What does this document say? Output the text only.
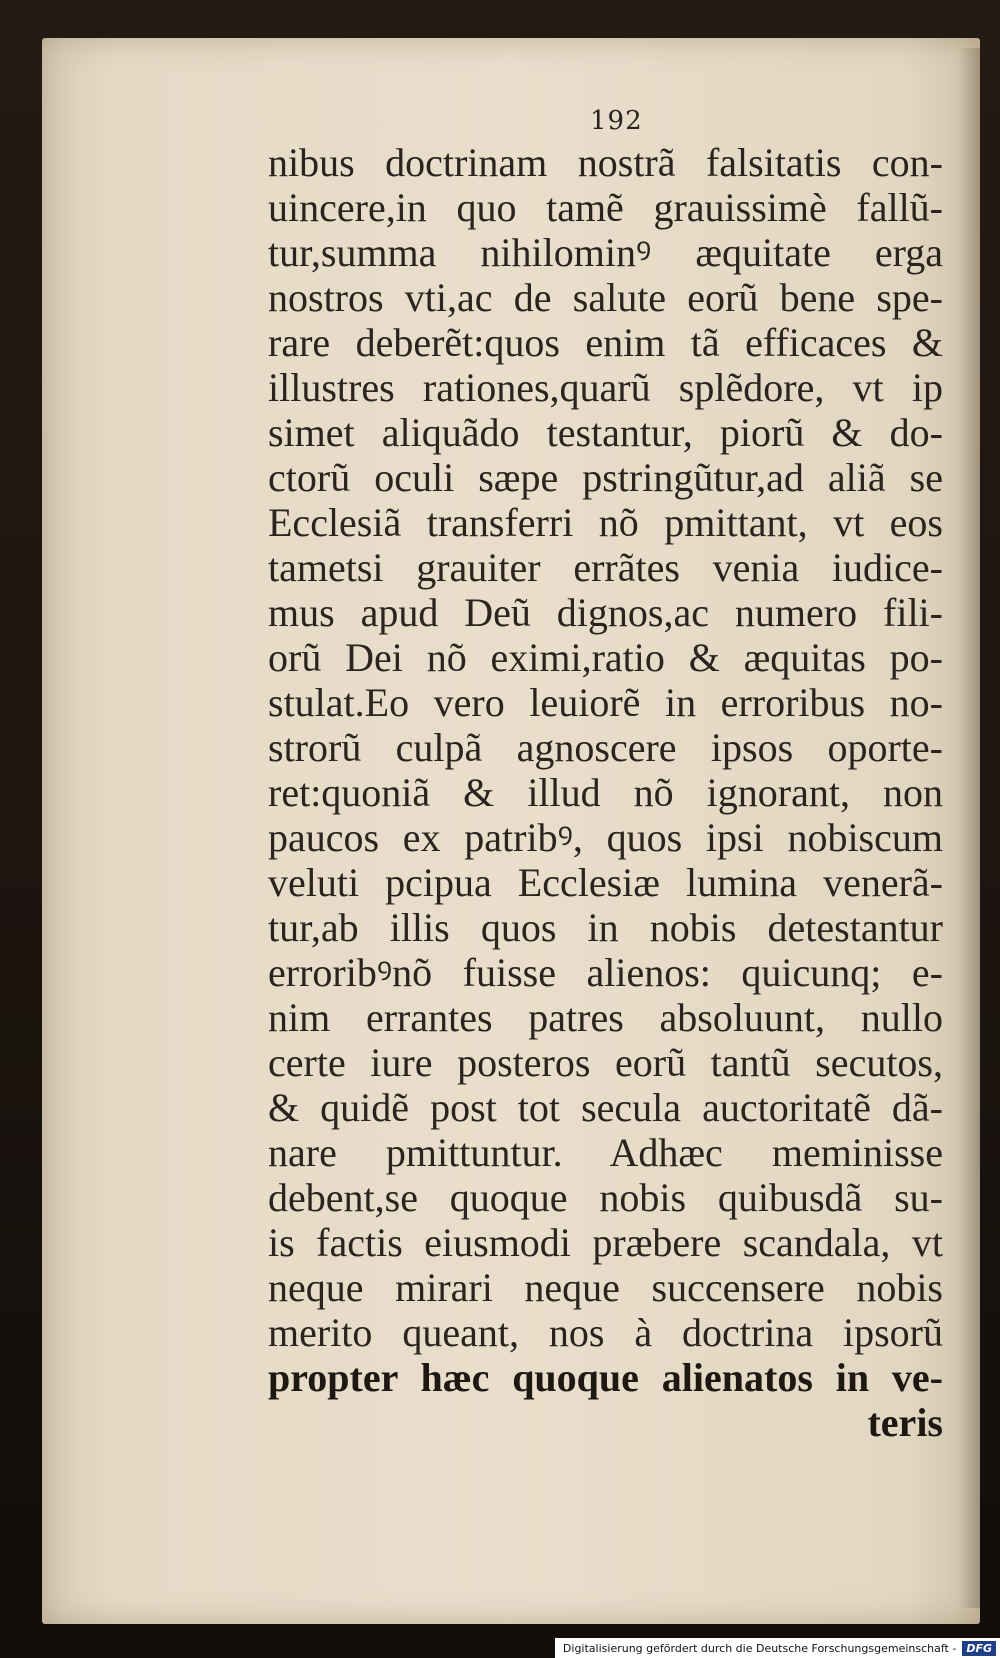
192
nibus doctrinam nostrã falsitatis con-
uincere,in quo tamẽ grauissimè fallũ-
tur,summa nihilominꝰ æquitate erga
nostros vti,ac de salute eorũ bene spe-
rare deberẽt:quos enim tã efficaces &
illustres rationes,quarũ splẽdore, vt ip
simet aliquãdo testantur, piorũ & do-
ctorũ oculi sæpe pstringũtur,ad aliã se
Ecclesiã transferri nõ pmittant, vt eos
tametsi grauiter errãtes venia iudice-
mus apud Deũ dignos,ac numero fili-
orũ Dei nõ eximi,ratio & æquitas po-
stulat.Eo vero leuiorẽ in erroribus no-
strorũ culpã agnoscere ipsos oporte-
ret:quoniã & illud nõ ignorant, non
paucos ex patribꝰ, quos ipsi nobiscum
veluti pcipua Ecclesiæ lumina venerã-
tur,ab illis quos in nobis detestantur
erroribꝰnõ fuisse alienos: quicunq; e-
nim errantes patres absoluunt, nullo
certe iure posteros eorũ tantũ secutos,
& quidẽ post tot secula auctoritatẽ dã-
nare pmittuntur. Adhæc meminisse
debent,se quoque nobis quibusdã su-
is factis eiusmodi præbere scandala, vt
neque mirari neque succensere nobis
merito queant, nos à doctrina ipsorũ
propter hæc quoque alienatos in ve-
teris
Digitalisierung gefördert durch die Deutsche Forschungsgemeinschaft - DFG
